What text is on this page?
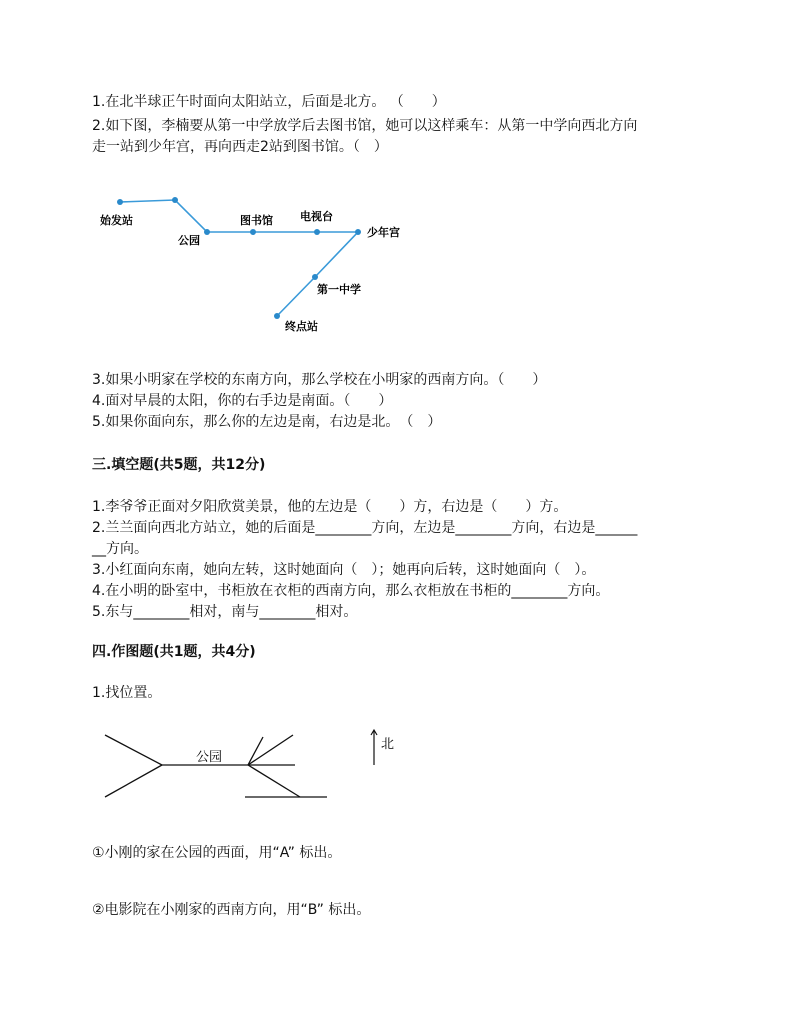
1.在北半球正午时面向太阳站立，后面是北方。 （　　）
2.如下图，李楠要从第一中学放学后去图书馆，她可以这样乘车：从第一中学向西北方向
走一站到少年宫，再向西走2站到图书馆。（　）
始发站
公园
图书馆 电视台
少年宫
第一中学
终点站
3.如果小明家在学校的东南方向，那么学校在小明家的西南方向。（　　）
4.面对早晨的太阳，你的右手边是南面。（　　）
5.如果你面向东，那么你的左边是南，右边是北。　（　）
三.填空题(共5题，共12分)
1.李爷爷正面对夕阳欣赏美景，他的左边是（　　）方，右边是（　　）方。
2.兰兰面向西北方站立，她的后面是________方向，左边是________方向，右边是______
__方向。
3.小红面向东南，她向左转，这时她面向（　）；她再向后转，这时她面向（　）。
4.在小明的卧室中，书柜放在衣柜的西南方向，那么衣柜放在书柜的________方向。
5.东与________相对，南与________相对。
四.作图题(共1题，共4分)
1.找位置。
公园
北
①小刚的家在公园的西面，用“A” 标出。
②电影院在小刚家的西南方向，用“B” 标出。
